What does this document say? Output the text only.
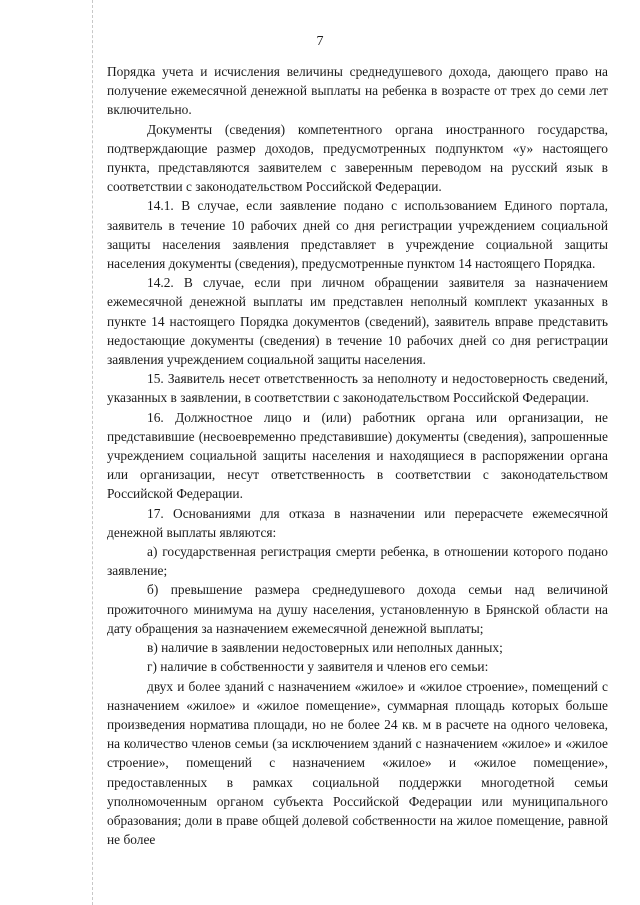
7

Порядка учета и исчисления величины среднедушевого дохода, дающего право на получение ежемесячной денежной выплаты на ребенка в возрасте от трех до семи лет включительно.

Документы (сведения) компетентного органа иностранного государства, подтверждающие размер доходов, предусмотренных подпунктом «у» настоящего пункта, представляются заявителем с заверенным переводом на русский язык в соответствии с законодательством Российской Федерации.

14.1. В случае, если заявление подано с использованием Единого портала, заявитель в течение 10 рабочих дней со дня регистрации учреждением социальной защиты населения заявления представляет в учреждение социальной защиты населения документы (сведения), предусмотренные пунктом 14 настоящего Порядка.

14.2. В случае, если при личном обращении заявителя за назначением ежемесячной денежной выплаты им представлен неполный комплект указанных в пункте 14 настоящего Порядка документов (сведений), заявитель вправе представить недостающие документы (сведения) в течение 10 рабочих дней со дня регистрации заявления учреждением социальной защиты населения.

15. Заявитель несет ответственность за неполноту и недостоверность сведений, указанных в заявлении, в соответствии с законодательством Российской Федерации.

16. Должностное лицо и (или) работник органа или организации, не представившие (несвоевременно представившие) документы (сведения), запрошенные учреждением социальной защиты населения и находящиеся в распоряжении органа или организации, несут ответственность в соответствии с законодательством Российской Федерации.

17. Основаниями для отказа в назначении или перерасчете ежемесячной денежной выплаты являются:

а) государственная регистрация смерти ребенка, в отношении которого подано заявление;

б) превышение размера среднедушевого дохода семьи над величиной прожиточного минимума на душу населения, установленную в Брянской области на дату обращения за назначением ежемесячной денежной выплаты;

в) наличие в заявлении недостоверных или неполных данных;

г) наличие в собственности у заявителя и членов его семьи:

двух и более зданий с назначением «жилое» и «жилое строение», помещений с назначением «жилое» и «жилое помещение», суммарная площадь которых больше произведения норматива площади, но не более 24 кв. м в расчете на одного человека, на количество членов семьи (за исключением зданий с назначением «жилое» и «жилое строение», помещений с назначением «жилое» и «жилое помещение», предоставленных в рамках социальной поддержки многодетной семьи уполномоченным органом субъекта Российской Федерации или муниципального образования; доли в праве общей долевой собственности на жилое помещение, равной не более
